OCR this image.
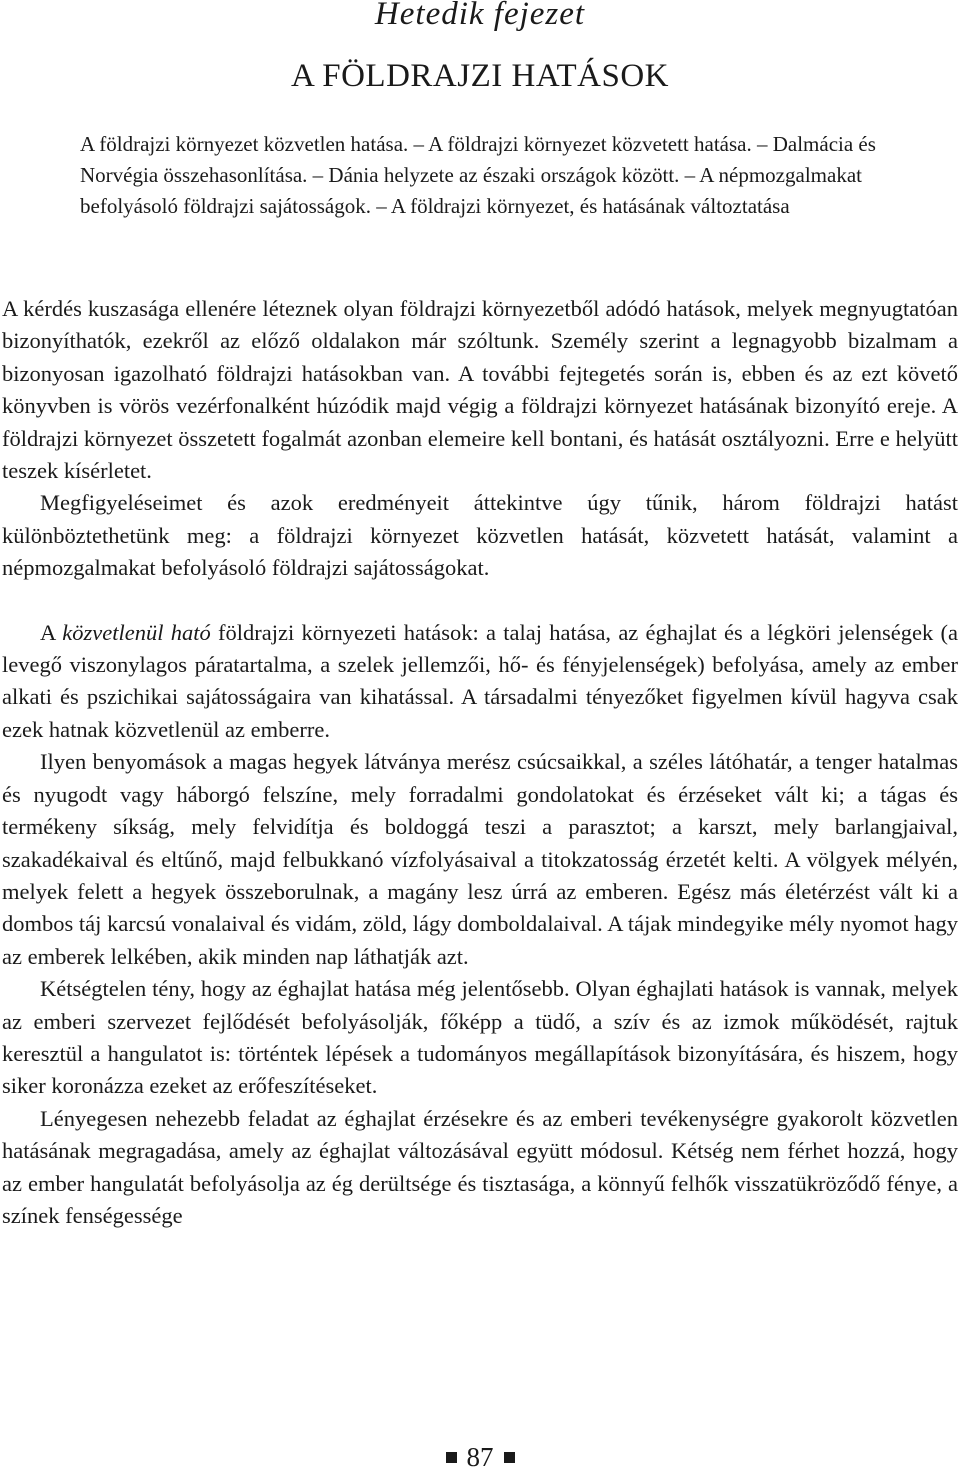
Hetedik fejezet
A FÖLDRAJZI HATÁSOK

A földrajzi környezet közvetlen hatása. – A földrajzi környezet közvetett hatása. – Dalmácia és Norvégia összehasonlítása. – Dánia helyzete az északi országok között. – A népmozgalmakat befolyásoló földrajzi sajátosságok. – A földrajzi környezet, és hatásának változtatása

A kérdés kuszasága ellenére léteznek olyan földrajzi környezetből adódó hatások, melyek megnyugtatóan bizonyíthatók, ezekről az előző oldalakon már szóltunk. Személy szerint a legnagyobb bizalmam a bizonyosan igazolható földrajzi hatásokban van. A további fejtegetés során is, ebben és az ezt követő könyvben is vörös vezérfonalként húzódik majd végig a földrajzi környezet hatásának bizonyító ereje. A földrajzi környezet összetett fogalmát azonban elemeire kell bontani, és hatását osztályozni. Erre e helyütt teszek kísérletet.

Megfigyeléseimet és azok eredményeit áttekintve úgy tűnik, három földrajzi hatást különböztethetünk meg: a földrajzi környezet közvetlen hatását, közvetett hatását, valamint a népmozgalmakat befolyásoló földrajzi sajátosságokat.

A közvetlenül ható földrajzi környezeti hatások: a talaj hatása, az éghajlat és a légköri jelenségek (a levegő viszonylagos páratartalma, a szelek jellemzői, hő- és fényjelenségek) befolyása, amely az ember alkati és pszichikai sajátosságaira van kihatással. A társadalmi tényezőket figyelmen kívül hagyva csak ezek hatnak közvetlenül az emberre.

Ilyen benyomások a magas hegyek látványa merész csúcsaikkal, a széles látóhatár, a tenger hatalmas és nyugodt vagy háborgó felszíne, mely forradalmi gondolatokat és érzéseket vált ki; a tágas és termékeny síkság, mely felvidítja és boldoggá teszi a parasztot; a karszt, mely barlangjaival, szakadékaival és eltűnő, majd felbukkanó vízfolyásaival a titokzatosság érzetét kelti. A völgyek mélyén, melyek felett a hegyek összeborulnak, a magány lesz úrrá az emberen. Egész más életérzést vált ki a dombos táj karcsú vonalaival és vidám, zöld, lágy domboldalaival. A tájak mindegyike mély nyomot hagy az emberek lelkében, akik minden nap láthatják azt.

Kétségtelen tény, hogy az éghajlat hatása még jelentősebb. Olyan éghajlati hatások is vannak, melyek az emberi szervezet fejlődését befolyásolják, főképp a tüdő, a szív és az izmok működését, rajtuk keresztül a hangulatot is: történtek lépések a tudományos megállapítások bizonyítására, és hiszem, hogy siker koronázza ezeket az erőfeszítéseket.

Lényegesen nehezebb feladat az éghajlat érzésekre és az emberi tevékenységre gyakorolt közvetlen hatásának megragadása, amely az éghajlat változásával együtt módosul. Kétség nem férhet hozzá, hogy az ember hangulatát befolyásolja az ég derültsége és tisztasága, a könnyű felhők visszatükröződő fénye, a színek fenségessége

87
